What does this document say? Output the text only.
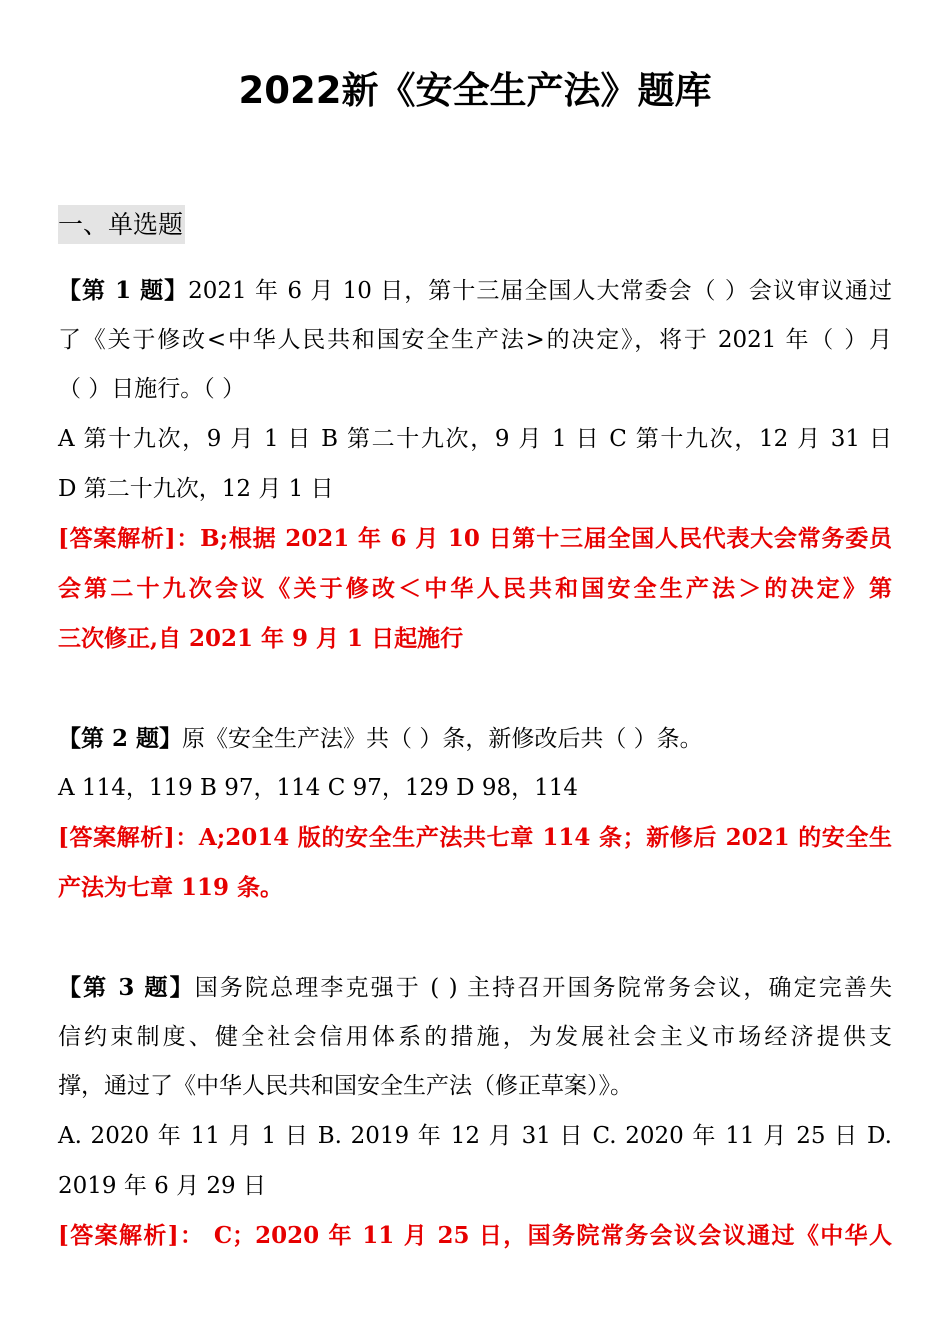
2022新《安全生产法》题库
一、单选题
【第 1 题】2021 年 6 月 10 日，第十三届全国人大常委会（ ）会议审议通过
了《关于修改<中华人民共和国安全生产法>的决定》，将于 2021 年（ ）月
（ ）日施行。（ ）
A 第十九次，9 月 1 日 B 第二十九次，9 月 1 日 C 第十九次，12 月 31 日
D 第二十九次，12 月 1 日
[答案解析]：B;根据 2021 年 6 月 10 日第十三届全国人民代表大会常务委员
会第二十九次会议《关于修改＜中华人民共和国安全生产法＞的决定》第
三次修正,自 2021 年 9 月 1 日起施行
【第 2 题】原《安全生产法》共（ ）条，新修改后共（ ）条。
A 114，119 B 97，114 C 97，129 D 98，114
[答案解析]：A;2014 版的安全生产法共七章 114 条；新修后 2021 的安全生
产法为七章 119 条。
【第 3 题】国务院总理李克强于 ( ) 主持召开国务院常务会议，确定完善失
信约束制度、健全社会信用体系的措施，为发展社会主义市场经济提供支
撑，通过了《中华人民共和国安全生产法（修正草案）》。
A. 2020 年 11 月 1 日 B. 2019 年 12 月 31 日 C. 2020 年 11 月 25 日 D.
2019 年 6 月 29 日
[答案解析]： C；2020 年 11 月 25 日，国务院常务会议会议通过《中华人
